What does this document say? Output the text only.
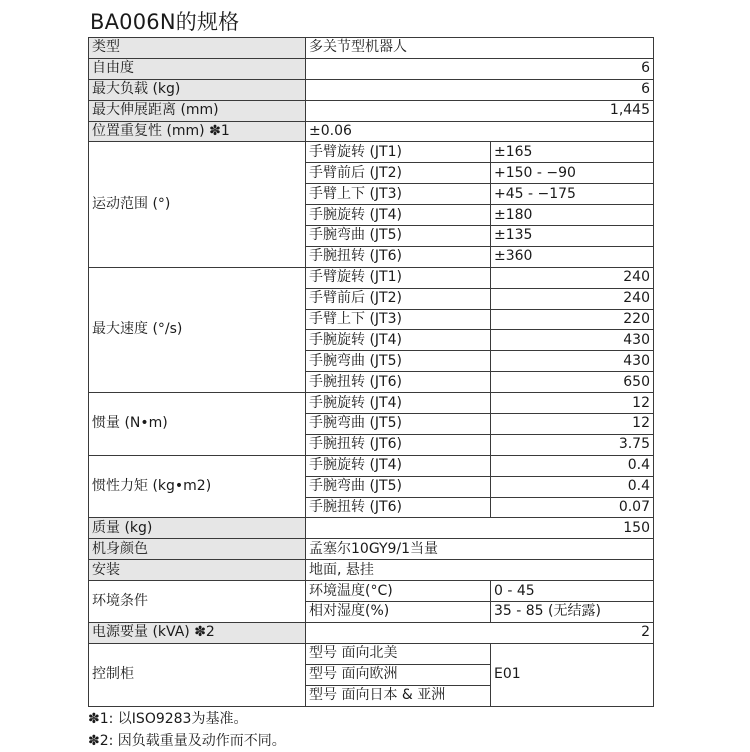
BA006N的规格
类型	多关节型机器人	
自由度	6	
最大负载 (kg)	6	
最大伸展距离 (mm)	1,445	
位置重复性 (mm) ✽1	±0.06	
运动范围 (°)	手臂旋转 (JT1)	±165
	手臂前后 (JT2)	+150 - −90
	手臂上下 (JT3)	+45 - −175
	手腕旋转 (JT4)	±180
	手腕弯曲 (JT5)	±135
	手腕扭转 (JT6)	±360
最大速度 (°/s)	手臂旋转 (JT1)	240
	手臂前后 (JT2)	240
	手臂上下 (JT3)	220
	手腕旋转 (JT4)	430
	手腕弯曲 (JT5)	430
	手腕扭转 (JT6)	650
惯量 (N•m)	手腕旋转 (JT4)	12
	手腕弯曲 (JT5)	12
	手腕扭转 (JT6)	3.75
惯性力矩 (kg•m2)	手腕旋转 (JT4)	0.4
	手腕弯曲 (JT5)	0.4
	手腕扭转 (JT6)	0.07
质量 (kg)	150	
机身颜色	孟塞尔10GY9/1当量	
安装	地面, 悬挂	
环境条件	环境温度(°C)	0 - 45
	相对湿度(%)	35 - 85 (无结露)
电源要量 (kVA) ✽2	2	
控制柜	型号 面向北美	E01
	型号 面向欧洲	
	型号 面向日本 & 亚洲	
✽1: 以ISO9283为基准。
✽2: 因负载重量及动作而不同。
